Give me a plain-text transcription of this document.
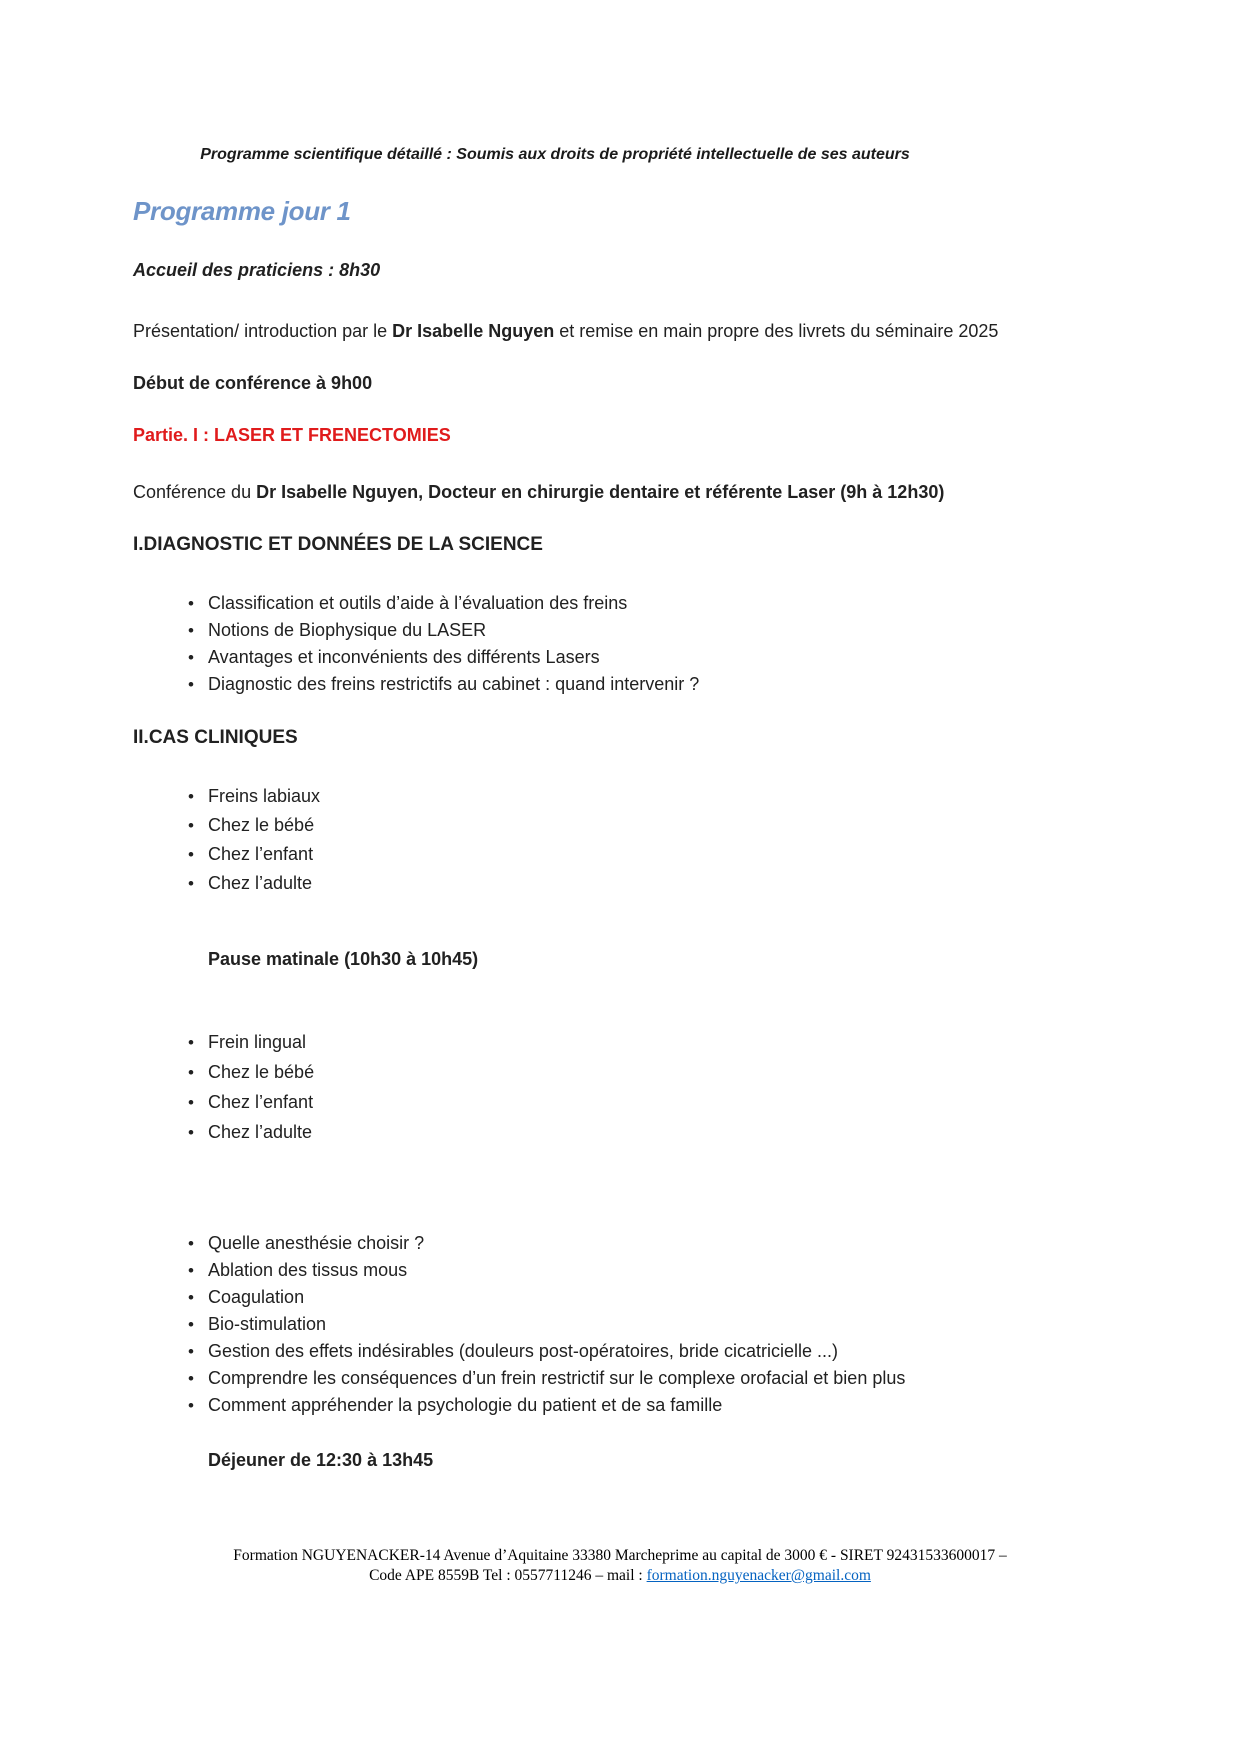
Programme scientifique détaillé : Soumis aux droits de propriété intellectuelle de ses auteurs
Programme jour 1
Accueil des praticiens : 8h30
Présentation/ introduction par le Dr Isabelle Nguyen et remise en main propre des livrets du séminaire 2025
Début de conférence à 9h00
Partie. I : LASER ET FRENECTOMIES
Conférence du Dr Isabelle Nguyen, Docteur en chirurgie dentaire et référente Laser (9h à 12h30)
I.DIAGNOSTIC ET DONNÉES DE LA SCIENCE
• Classification et outils d’aide à l’évaluation des freins
• Notions de Biophysique du LASER
• Avantages et inconvénients des différents Lasers
• Diagnostic des freins restrictifs au cabinet : quand intervenir ?
II.CAS CLINIQUES
• Freins labiaux
• Chez le bébé
• Chez l’enfant
• Chez l’adulte
Pause matinale (10h30 à 10h45)
• Frein lingual
• Chez le bébé
• Chez l’enfant
• Chez l’adulte
• Quelle anesthésie choisir ?
• Ablation des tissus mous
• Coagulation
• Bio-stimulation
• Gestion des effets indésirables (douleurs post-opératoires, bride cicatricielle ...)
• Comprendre les conséquences d’un frein restrictif sur le complexe orofacial et bien plus
• Comment appréhender la psychologie du patient et de sa famille
Déjeuner de 12:30 à 13h45
Formation NGUYENACKER-14 Avenue d’Aquitaine 33380 Marcheprime au capital de 3000 € - SIRET 92431533600017 –
Code APE 8559B Tel : 0557711246 – mail : formation.nguyenacker@gmail.com
